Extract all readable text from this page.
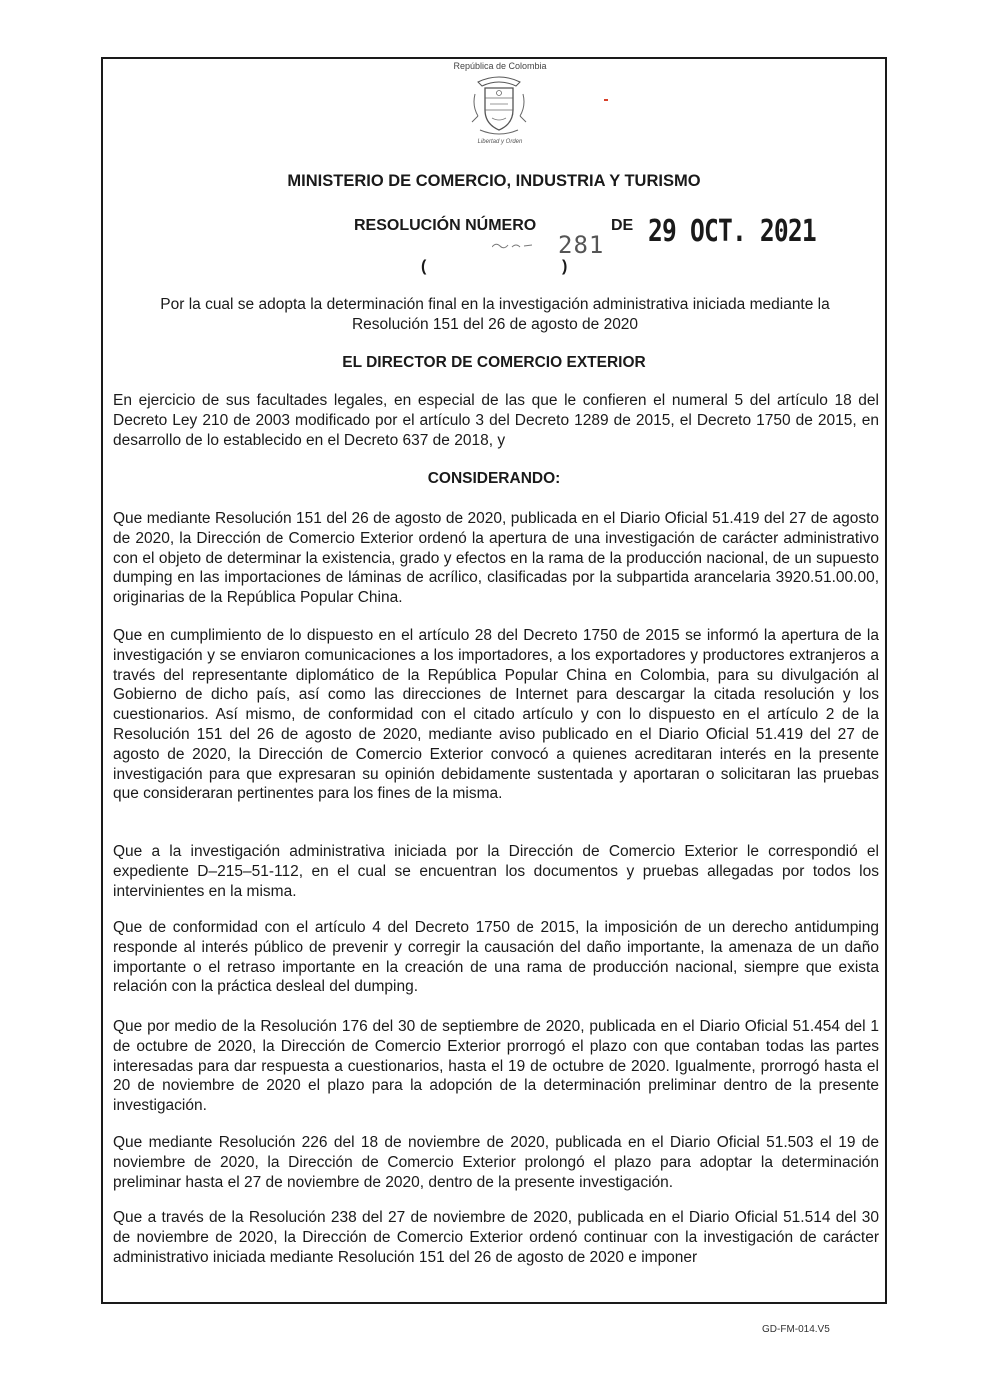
República de Colombia
Libertad y Orden
MINISTERIO DE COMERCIO, INDUSTRIA Y TURISMO
RESOLUCIÓN NÚMERO
281
DE 29 OCT. 2021
(	)
Por la cual se adopta la determinación final en la investigación administrativa iniciada mediante la Resolución 151 del 26 de agosto de 2020
EL DIRECTOR DE COMERCIO EXTERIOR

En ejercicio de sus facultades legales, en especial de las que le confieren el numeral 5 del artículo 18 del Decreto Ley 210 de 2003 modificado por el artículo 3 del Decreto 1289 de 2015, el Decreto 1750 de 2015, en desarrollo de lo establecido en el Decreto 637 de 2018, y

CONSIDERANDO:

Que mediante Resolución 151 del 26 de agosto de 2020, publicada en el Diario Oficial 51.419 del 27 de agosto de 2020, la Dirección de Comercio Exterior ordenó la apertura de una investigación de carácter administrativo con el objeto de determinar la existencia, grado y efectos en la rama de la producción nacional, de un supuesto dumping en las importaciones de láminas de acrílico, clasificadas por la subpartida arancelaria 3920.51.00.00, originarias de la República Popular China.

Que en cumplimiento de lo dispuesto en el artículo 28 del Decreto 1750 de 2015 se informó la apertura de la investigación y se enviaron comunicaciones a los importadores, a los exportadores y productores extranjeros a través del representante diplomático de la República Popular China en Colombia, para su divulgación al Gobierno de dicho país, así como las direcciones de Internet para descargar la citada resolución y los cuestionarios. Así mismo, de conformidad con el citado artículo y con lo dispuesto en el artículo 2 de la Resolución 151 del 26 de agosto de 2020, mediante aviso publicado en el Diario Oficial 51.419 del 27 de agosto de 2020, la Dirección de Comercio Exterior convocó a quienes acreditaran interés en la presente investigación para que expresaran su opinión debidamente sustentada y aportaran o solicitaran las pruebas que consideraran pertinentes para los fines de la misma.

Que a la investigación administrativa iniciada por la Dirección de Comercio Exterior le correspondió el expediente D–215–51-112, en el cual se encuentran los documentos y pruebas allegadas por todos los intervinientes en la misma.

Que de conformidad con el artículo 4 del Decreto 1750 de 2015, la imposición de un derecho antidumping responde al interés público de prevenir y corregir la causación del daño importante, la amenaza de un daño importante o el retraso importante en la creación de una rama de producción nacional, siempre que exista relación con la práctica desleal del dumping.

Que por medio de la Resolución 176 del 30 de septiembre de 2020, publicada en el Diario Oficial 51.454 del 1 de octubre de 2020, la Dirección de Comercio Exterior prorrogó el plazo con que contaban todas las partes interesadas para dar respuesta a cuestionarios, hasta el 19 de octubre de 2020. Igualmente, prorrogó hasta el 20 de noviembre de 2020 el plazo para la adopción de la determinación preliminar dentro de la presente investigación.

Que mediante Resolución 226 del 18 de noviembre de 2020, publicada en el Diario Oficial 51.503 el 19 de noviembre de 2020, la Dirección de Comercio Exterior prolongó el plazo para adoptar la determinación preliminar hasta el 27 de noviembre de 2020, dentro de la presente investigación.

Que a través de la Resolución 238 del 27 de noviembre de 2020, publicada en el Diario Oficial 51.514 del 30 de noviembre de 2020, la Dirección de Comercio Exterior ordenó continuar con la investigación de carácter administrativo iniciada mediante Resolución 151 del 26 de agosto de 2020 e imponer

GD-FM-014.V5
